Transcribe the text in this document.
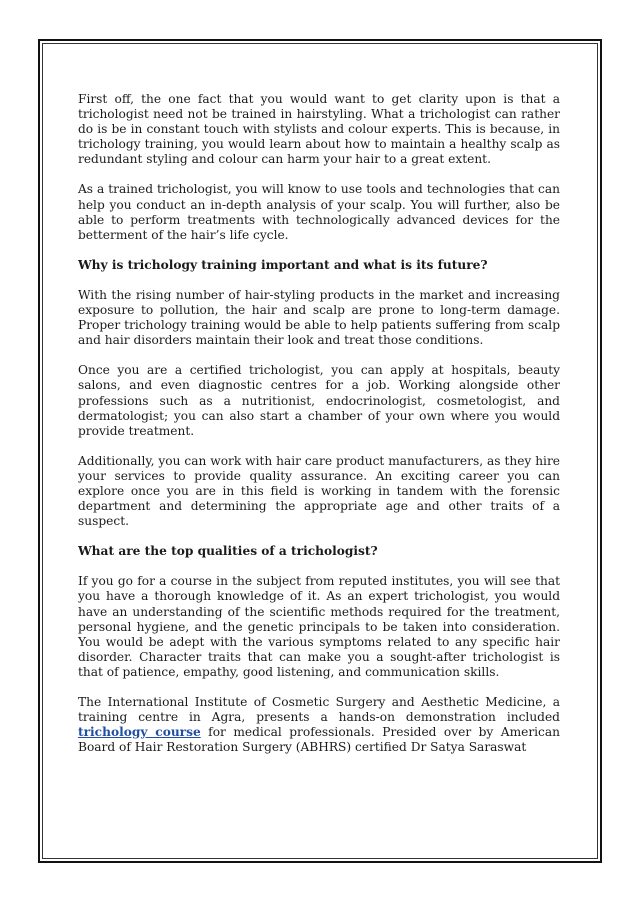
First off, the one fact that you would want to get clarity upon is that a trichologist need not be trained in hairstyling. What a trichologist can rather do is be in constant touch with stylists and colour experts. This is because, in trichology training, you would learn about how to maintain a healthy scalp as redundant styling and colour can harm your hair to a great extent.

As a trained trichologist, you will know to use tools and technologies that can help you conduct an in-depth analysis of your scalp. You will further, also be able to perform treatments with technologically advanced devices for the betterment of the hair’s life cycle.

Why is trichology training important and what is its future?

With the rising number of hair-styling products in the market and increasing exposure to pollution, the hair and scalp are prone to long-term damage. Proper trichology training would be able to help patients suffering from scalp and hair disorders maintain their look and treat those conditions.

Once you are a certified trichologist, you can apply at hospitals, beauty salons, and even diagnostic centres for a job. Working alongside other professions such as a nutritionist, endocrinologist, cosmetologist, and dermatologist; you can also start a chamber of your own where you would provide treatment.

Additionally, you can work with hair care product manufacturers, as they hire your services to provide quality assurance. An exciting career you can explore once you are in this field is working in tandem with the forensic department and determining the appropriate age and other traits of a suspect.

What are the top qualities of a trichologist?

If you go for a course in the subject from reputed institutes, you will see that you have a thorough knowledge of it. As an expert trichologist, you would have an understanding of the scientific methods required for the treatment, personal hygiene, and the genetic principals to be taken into consideration. You would be adept with the various symptoms related to any specific hair disorder. Character traits that can make you a sought-after trichologist is that of patience, empathy, good listening, and communication skills.

The International Institute of Cosmetic Surgery and Aesthetic Medicine, a training centre in Agra, presents a hands-on demonstration included trichology course for medical professionals. Presided over by American Board of Hair Restoration Surgery (ABHRS) certified Dr Satya Saraswat
